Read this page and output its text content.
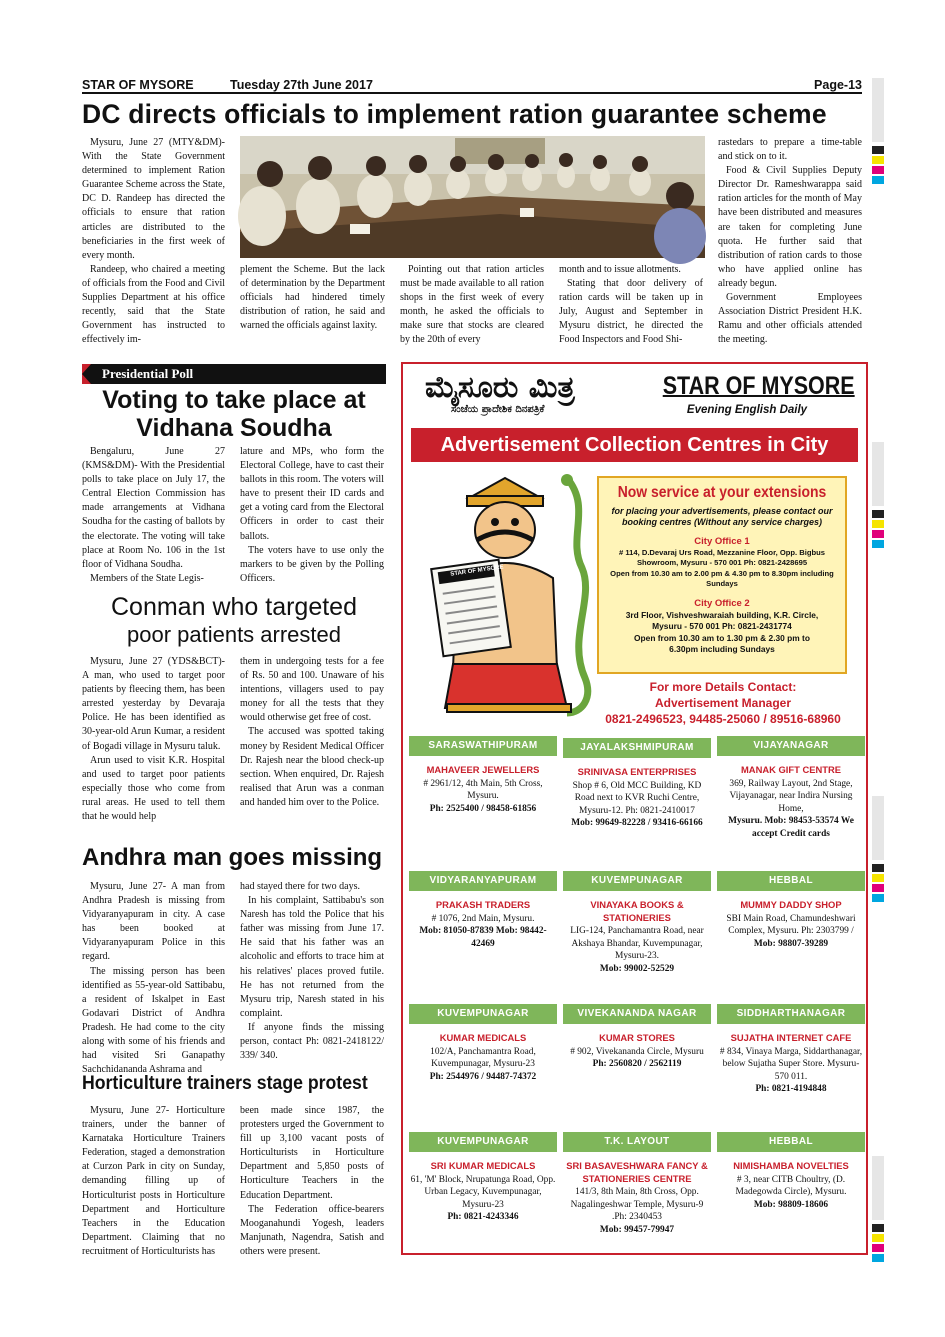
STAR OF MYSORE	Tuesday 27th June 2017	Page-13
DC directs officials to implement ration guarantee scheme

Mysuru, June 27 (MTY&DM)- With the State Government determined to implement Ration Guarantee Scheme across the State, DC D. Randeep has directed the officials to ensure that ration articles are distributed to the beneficiaries in the first week of every month.

Randeep, who chaired a meeting of officials from the Food and Civil Supplies Department at his office recently, said that the State Government has instructed to effectively im-

plement the Scheme. But the lack of determination by the Department officials had hindered timely distribution of ration, he said and warned the officials against laxity.

Pointing out that ration articles must be made available to all ration shops in the first week of every month, he asked the officials to make sure that stocks are cleared by the 20th of every

month and to issue allotments.

Stating that door delivery of ration cards will be taken up in July, August and September in Mysuru district, he directed the Food Inspectors and Food Shi-

rastedars to prepare a time-table and stick on to it.

Food & Civil Supplies Deputy Director Dr. Rameshwarappa said ration articles for the month of May have been distributed and measures are taken for completing June quota. He further said that distribution of ration cards to those who have applied online has already begun.

Government Employees Association District President H.K. Ramu and other officials attended the meeting.

Presidential Poll
Voting to take place at
Vidhana Soudha

Bengaluru, June 27 (KMS&DM)- With the Presidential polls to take place on July 17, the Central Election Commission has made arrangements at Vidhana Soudha for the casting of ballots by the electorate. The voting will take place at Room No. 106 in the 1st floor of Vidhana Soudha.

Members of the State Legis-

lature and MPs, who form the Electoral College, have to cast their ballots in this room. The voters will have to present their ID cards and get a voting card from the Electoral Officers in order to cast their ballots.

The voters have to use only the markers to be given by the Polling Officers.

Conman who targeted
poor patients arrested

Mysuru, June 27 (YDS&BCT)- A man, who used to target poor patients by fleecing them, has been arrested yesterday by Devaraja Police. He has been identified as 30-year-old Arun Kumar, a resident of Bogadi village in Mysuru taluk.

Arun used to visit K.R. Hospital and used to target poor patients especially those who come from rural areas. He used to tell them that he would help

them in undergoing tests for a fee of Rs. 50 and 100. Unaware of his intentions, villagers used to pay money for all the tests that they would otherwise get free of cost.

The accused was spotted taking money by Resident Medical Officer Dr. Rajesh near the blood check-up section. When enquired, Dr. Rajesh realised that Arun was a conman and handed him over to the Police.

Andhra man goes missing

Mysuru, June 27- A man from Andhra Pradesh is missing from Vidyaranyapuram in city. A case has been booked at Vidyaranyapuram Police in this regard.

The missing person has been identified as 55-year-old Sattibabu, a resident of Iskalpet in East Godavari District of Andhra Pradesh. He had come to the city along with some of his friends and had visited Sri Ganapathy Sachchidananda Ashrama and

had stayed there for two days.

In his complaint, Sattibabu's son Naresh has told the Police that his father was missing from June 17. He said that his father was an alcoholic and efforts to trace him at his relatives' places proved futile. He has not returned from the Mysuru trip, Naresh stated in his complaint.

If anyone finds the missing person, contact Ph: 0821-2418122/ 339/ 340.

Horticulture trainers stage protest

Mysuru, June 27- Horticulture trainers, under the banner of Karnataka Horticulture Trainers Federation, staged a demonstration at Curzon Park in city on Sunday, demanding filling up of Horticulturist posts in Horticulture Department and Horticulture Teachers in the Education Department. Claiming that no recruitment of Horticulturists has

been made since 1987, the protesters urged the Government to fill up 3,100 vacant posts of Horticulturists in Horticulture Department and 5,850 posts of Horticulture Teachers in the Education Department.

The Federation office-bearers Mooganahundi Yogesh, leaders Manjunath, Nagendra, Satish and others were present.

ಮೈಸೂರು ಮಿತ್ರ
ಸಂಜೆಯ ಪ್ರಾದೇಶಿಕ ದಿನಪತ್ರಿಕೆ
STAR OF MYSORE
Evening English Daily
Advertisement Collection Centres in City
STAR OF MYSORE
Now service at your extensions
for placing your advertisements, please contact our booking centres (Without any service charges)
City Office 1
# 114, D.Devaraj Urs Road, Mezzanine Floor, Opp. Bigbus Showroom, Mysuru - 570 001 Ph: 0821-2428695
Open from 10.30 am to 2.00 pm & 4.30 pm to 8.30pm including Sundays
City Office 2
3rd Floor, Vishveshwaraiah building, K.R. Circle, Mysuru - 570 001 Ph: 0821-2431774
Open from 10.30 am to 1.30 pm & 2.30 pm to 6.30pm including Sundays
For more Details Contact:
Advertisement Manager
0821-2496523, 94485-25060 / 89516-68960
SARASWATHIPURAM
MAHAVEER JEWELLERS
# 2961/12, 4th Main, 5th Cross, Mysuru.
Ph: 2525400 / 98458-61856
JAYALAKSHMIPURAM
SRINIVASA ENTERPRISES
Shop # 6, Old MCC Building, KD Road next to KVR Ruchi Centre, Mysuru-12. Ph: 0821-2410017
Mob: 99649-82228 / 93416-66166
VIJAYANAGAR
MANAK GIFT CENTRE
369, Railway Layout, 2nd Stage, Vijayanagar, near Indira Nursing Home,
Mysuru. Mob: 98453-53574 We accept Credit cards
VIDYARANYAPURAM
PRAKASH TRADERS
# 1076, 2nd Main, Mysuru.
Mob: 81050-87839 Mob: 98442-42469
KUVEMPUNAGAR
VINAYAKA BOOKS & STATIONERIES
LIG-124, Panchamantra Road, near Akshaya Bhandar, Kuvempunagar, Mysuru-23.
Mob: 99002-52529
HEBBAL
MUMMY DADDY SHOP
SBI Main Road, Chamundeshwari Complex, Mysuru. Ph: 2303799 /
Mob: 98807-39289
KUVEMPUNAGAR
KUMAR MEDICALS
102/A, Panchamantra Road, Kuvempunagar, Mysuru-23
Ph: 2544976 / 94487-74372
VIVEKANANDA NAGAR
KUMAR STORES
# 902, Vivekananda Circle, Mysuru
Ph: 2560820 / 2562119
SIDDHARTHANAGAR
SUJATHA INTERNET CAFE
# 834, Vinaya Marga, Siddarthanagar, below Sujatha Super Store. Mysuru-570 011.
Ph: 0821-4194848
KUVEMPUNAGAR
SRI KUMAR MEDICALS
61, 'M' Block, Nrupatunga Road, Opp. Urban Legacy, Kuvempunagar, Mysuru-23
Ph: 0821-4243346
T.K. LAYOUT
SRI BASAVESHWARA FANCY & STATIONERIES CENTRE
141/3, 8th Main, 8th Cross, Opp. Nagalingeshwar Temple, Mysuru-9 .Ph: 2340453
Mob: 99457-79947
HEBBAL
NIMISHAMBA NOVELTIES
# 3, near CITB Choultry, (D. Madegowda Circle), Mysuru.
Mob: 98809-18606
